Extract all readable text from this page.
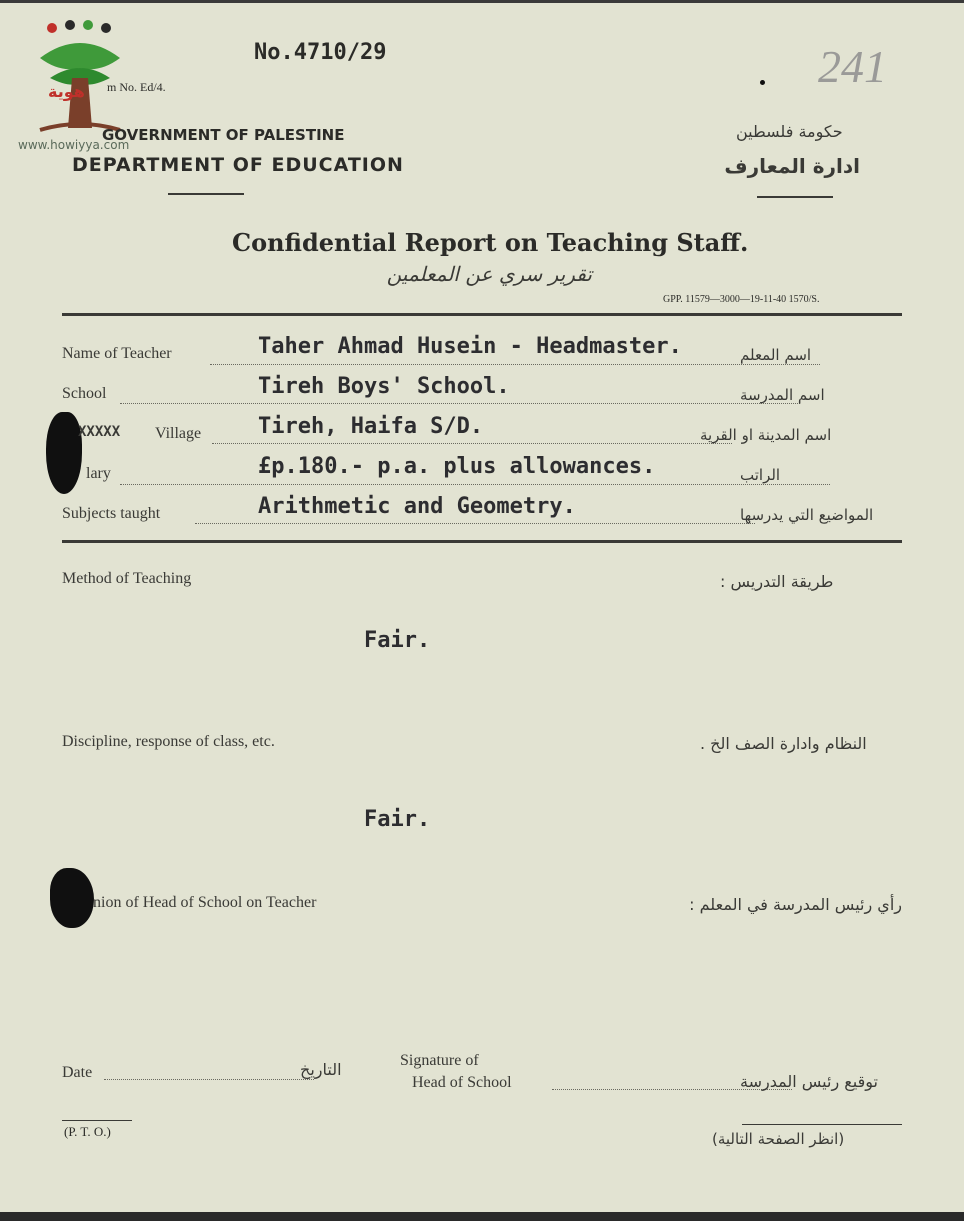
هوية
www.howiyya.com
No.4710/29
m No. Ed/4.	241
GOVERNMENT OF PALESTINE
DEPARTMENT OF EDUCATION
حكومة فلسطين
ادارة المعارف
Confidential Report on Teaching Staff.
تقرير سري عن المعلمين
GPP. 11579—3000—19-11-40 1570/S.
Name of Teacher	Taher Ahmad Husein - Headmaster.	اسم المعلم
School	Tireh Boys' School.	اسم المدرسة
XXXXX Village	Tireh, Haifa S/D.	اسم المدينة او القرية
lary	£p.180.- p.a. plus allowances.	الراتب
Subjects taught	Arithmetic and Geometry.	المواضيع التي يدرسها
Method of Teaching	طريقة التدريس :
Fair.
Discipline, response of class, etc.	النظام وادارة الصف الخ .
Fair.
nion of Head of School on Teacher	رأي رئيس المدرسة في المعلم :
Date	التاريخ	Signature of
Head of School	توقيع رئيس المدرسة
(P. T. O.)	(انظر الصفحة التالية)
